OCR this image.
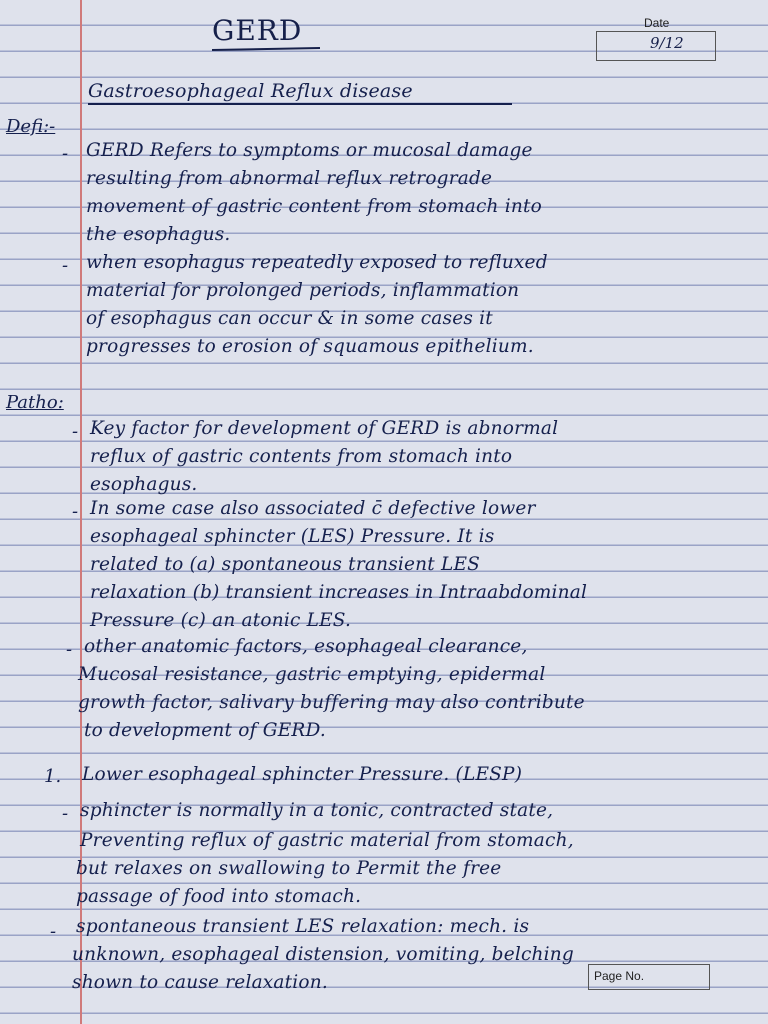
GERD	Date
9/12
Gastroesophageal Reflux disease
Defi:-
- GERD Refers to symptoms or mucosal damage
resulting from abnormal reflux retrograde
movement of gastric content from stomach into
the esophagus.
- when esophagus repeatedly exposed to refluxed
material for prolonged periods, inflammation
of esophagus can occur & in some cases it
progresses to erosion of squamous epithelium.
Patho:
- Key factor for development of GERD is abnormal
reflux of gastric contents from stomach into
esophagus.
- In some case also associated c̄ defective lower
esophageal sphincter (LES) Pressure. It is
related to (a) spontaneous transient LES
relaxation (b) transient increases in Intraabdominal
Pressure (c) an atonic LES.
- other anatomic factors, esophageal clearance,
Mucosal resistance, gastric emptying, epidermal
growth factor, salivary buffering may also contribute
to development of GERD.
1. Lower esophageal sphincter Pressure. (LESP)
- sphincter is normally in a tonic, contracted state,
Preventing reflux of gastric material from stomach,
but relaxes on swallowing to Permit the free
passage of food into stomach.
- spontaneous transient LES relaxation: mech. is
unknown, esophageal distension, vomiting, belching
shown to cause relaxation.	Page No.
